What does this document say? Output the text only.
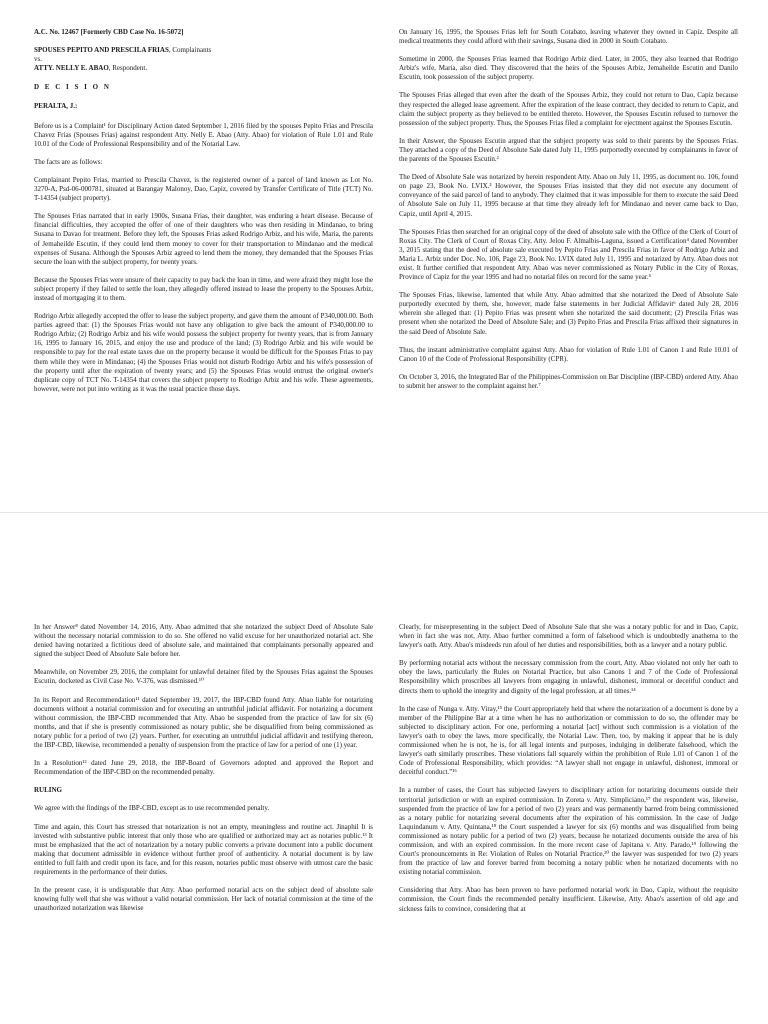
A.C. No. 12467 [Formerly CBD Case No. 16-5072]
SPOUSES PEPITO AND PRESCILA FRIAS, Complainants
vs.
ATTY. NELLY E. ABAO, Respondent.
D E C I S I O N
PERALTA, J.:

Before us is a Complaint¹ for Disciplinary Action dated September 1, 2016 filed by the spouses Pepito Frias and Prescila Chavez Frias (Spouses Frias) against respondent Atty. Nelly E. Abao (Atty. Abao) for violation of Rule 1.01 and Rule 10.01 of the Code of Professional Responsibility and of the Notarial Law.

The facts are as follows:

Complainant Pepito Frias, married to Prescila Chavez, is the registered owner of a parcel of land known as Lot No. 3270-A, Psd-06-000781, situated at Barangay Malonoy, Dao, Capiz, covered by Transfer Certificate of Title (TCT) No. T-14354 (subject property).

The Spouses Frias narrated that in early 1900s, Susana Frias, their daughter, was enduring a heart disease. Because of financial difficulties, they accepted the offer of one of their daughters who was then residing in Mindanao, to bring Susana to Davao for treatment. Before they left, the Spouses Frias asked Rodrigo Arbiz, and his wife, Maria, the parents of Jemaheilde Escutin, if they could lend them money to cover for their transportation to Mindanao and the medical expenses of Susana. Although the Spouses Arbiz agreed to lend them the money, they demanded that the Spouses Frias secure the loan with the subject property, for twenty years.

Because the Spouses Frias were unsure of their capacity to pay back the loan in time, and were afraid they might lose the subject property if they failed to settle the loan, they allegedly offered instead to lease the property to the Spouses Arbiz, instead of mortgaging it to them.

Rodrigo Arbiz allegedly accepted the offer to lease the subject property, and gave them the amount of P340,000.00. Both parties agreed that: (1) the Spouses Frias would not have any obligation to give back the amount of P340,000.00 to Rodrigo Arbiz; (2) Rodrigo Arbiz and his wife would possess the subject property for twenty years, that is from January 16, 1995 to January 16, 2015, and enjoy the use and produce of the land; (3) Rodrigo Arbiz and his wife would be responsible to pay for the real estate taxes due on the property because it would be difficult for the Spouses Frias to pay them while they were in Mindanao; (4) the Spouses Frias would not disturb Rodrigo Arbiz and his wife's possession of the property until after the expiration of twenty years; and (5) the Spouses Frias would entrust the original owner's duplicate copy of TCT No. T-14354 that covers the subject property to Rodrigo Arbiz and his wife. These agreements, however, were not put into writing as it was the usual practice those days.

On January 16, 1995, the Spouses Frias left for South Cotabato, leaving whatever they owned in Capiz. Despite all medical treatments they could afford with their savings, Susana died in 2000 in South Cotabato.

Sometime in 2000, the Spouses Frias learned that Rodrigo Arbiz died. Later, in 2005, they also learned that Rodrigo Arbiz's wife, Maria, also died. They discovered that the heirs of the Spouses Arbiz, Jemaheilde Escutin and Danilo Escutin, took possession of the subject property.

The Spouses Frias alleged that even after the death of the Spouses Arbiz, they could not return to Dao, Capiz because they respected the alleged lease agreement. After the expiration of the lease contract, they decided to return to Capiz, and claim the subject property as they believed to be entitled thereto. However, the Spouses Escutin refused to turnover the possession of the subject property. Thus, the Spouses Frias filed a complaint for ejectment against the Spouses Escutin.

In their Answer, the Spouses Escutin argued that the subject property was sold to their parents by the Spouses Frias. They attached a copy of the Deed of Absolute Sale dated July 11, 1995 purportedly executed by complainants in favor of the parents of the Spouses Escutin.²

The Deed of Absolute Sale was notarized by herein respondent Atty. Abao on July 11, 1995, as document no. 106, found on page 23, Book No. LVIX.³ However, the Spouses Frias insisted that they did not execute any document of conveyance of the said parcel of land to anybody. They claimed that it was impossible for them to execute the said Deed of Absolute Sale on July 11, 1995 because at that time they already left for Mindanao and never came back to Dao, Capiz, until April 4, 2015.

The Spouses Frias then searched for an original copy of the deed of absolute sale with the Office of the Clerk of Court of Roxas City. The Clerk of Court of Roxas City, Atty. Jelou F. Almalbis-Laguna, issued a Certification⁴ dated November 3, 2015 stating that the deed of absolute sale executed by Pepito Frias and Prescila Frias in favor of Rodrigo Arbiz and Maria L. Arbiz under Doc. No. 106, Page 23, Book No. LVIX dated July 11, 1995 and notarized by Atty. Abao does not exist. It further certified that respondent Atty. Abao was never commissioned as Notary Public in the City of Roxas, Province of Capiz for the year 1995 and had no notarial files on record for the same year.⁵

The Spouses Frias, likewise, lamented that while Atty. Abao admitted that she notarized the Deed of Absolute Sale purportedly executed by them, she, however, made false statements in her Judicial Affidavit⁶ dated July 28, 2016 wherein she alleged that: (1) Pepito Frias was present when she notarized the said document; (2) Prescila Frias was present when she notarized the Deed of Absolute Sale; and (3) Pepito Frias and Prescila Frias affixed their signatures in the said Deed of Absolute Sale.

Thus, the instant administrative complaint against Atty. Abao for violation of Rule 1.01 of Canon 1 and Rule 10.01 of Canon 10 of the Code of Professional Responsibility (CPR).

On October 3, 2016, the Integrated Bar of the Philippines-Commission on Bar Discipline (IBP-CBD) ordered Atty. Abao to submit her answer to the complaint against her.⁷

In her Answer⁸ dated November 14, 2016, Atty. Abao admitted that she notarized the subject Deed of Absolute Sale without the necessary notarial commission to do so. She offered no valid excuse for her unauthorized notarial act. She denied having notarized a fictitious deed of absolute sale, and maintained that complainants personally appeared and signed the subject Deed of Absolute Sale before her.

Meanwhile, on November 29, 2016, the complaint for unlawful detainer filed by the Spouses Frias against the Spouses Escutin, docketed as Civil Case No. V-376, was dismissed.¹⁰

In its Report and Recommendation¹¹ dated September 19, 2017, the IBP-CBD found Atty. Abao liable for notarizing documents without a notarial commission and for executing an untruthful judicial affidavit. For notarizing a document without commission, the IBP-CBD recommended that Atty. Abao be suspended from the practice of law for six (6) months, and that if she is presently commissioned as notary public, she be disqualified from being commissioned as notary public for a period of two (2) years. Further, for executing an untruthful judicial affidavit and testifying thereon, the IBP-CBD, likewise, recommended a penalty of suspension from the practice of law for a period of one (1) year.

In a Resolution¹² dated June 29, 2018, the IBP-Board of Governors adopted and approved the Report and Recommendation of the IBP-CBD on the recommended penalty.

RULING

We agree with the findings of the IBP-CBD, except as to use recommended penalty.

Time and again, this Court has stressed that notarization is not an empty, meaningless and routine act. Jinaphil It is invested with substantive public interest that only those who are qualified or authorized may act as notaries public.¹³ It must be emphasized that the act of notarization by a notary public converts a private document into a public document making that document admissible in evidence without further proof of authenticity. A notarial document is by law entitled to full faith and credit upon its face, and for this reason, notaries public must observe with utmost care the basic requirements in the performance of their duties.

In the present case, it is undisputable that Atty. Abao performed notarial acts on the subject deed of absolute sale knowing fully well that she was without a valid notarial commission. Her lack of notarial commission at the time of the unauthorized notarization was likewise

Clearly, for misrepresenting in the subject Deed of Absolute Sale that she was a notary public for and in Dao, Capiz, when in fact she was not, Atty. Abao further committed a form of falsehood which is undoubtedly anathema to the lawyer's oath. Atty. Abao's misdeeds run afoul of her duties and responsibilities, both as a lawyer and a notary public.

By performing notarial acts without the necessary commission from the court, Atty. Abao violated not only her oath to obey the laws, particularly the Rules on Notarial Practice, but also Canons 1 and 7 of the Code of Professional Responsibility which proscribes all lawyers from engaging in unlawful, dishonest, immoral or deceitful conduct and directs them to uphold the integrity and dignity of the legal profession, at all times.¹⁴

In the case of Nunga v. Atty. Viray,¹⁵ the Court appropriately held that where the notarization of a document is done by a member of the Philippine Bar at a time when he has no authorization or commission to do so, the offender may be subjected to disciplinary action. For one, performing a notarial [act] without such commission is a violation of the lawyer's oath to obey the laws, more specifically, the Notarial Law. Then, too, by making it appear that he is duly commissioned when he is not, he is, for all legal intents and purposes, indulging in deliberate falsehood, which the lawyer's oath similarly proscribes. These violations fall squarely within the prohibition of Rule 1.01 of Canon 1 of the Code of Professional Responsibility, which provides: “A lawyer shall not engage in unlawful, dishonest, immoral or deceitful conduct.”¹⁶

In a number of cases, the Court has subjected lawyers to disciplinary action for notarizing documents outside their territorial jurisdiction or with an expired commission. In Zoreta v. Atty. Simpliciano,¹⁷ the respondent was, likewise, suspended from the practice of law for a period of two (2) years and was permanently barred from being commissioned as a notary public for notarizing several documents after the expiration of his commission. In the case of Judge Laquindanum v. Atty. Quintana,¹⁸ the Court suspended a lawyer for six (6) months and was disqualified from being commissioned as notary public for a period of two (2) years, because he notarized documents outside the area of his commission, and with an expired commission. In the more recent case of Japitana v. Atty. Parado,¹⁹ following the Court's pronouncements in Re: Violation of Rules on Notarial Practice,²⁰ the lawyer was suspended for two (2) years from the practice of law and forever barred from becoming a notary public when he notarized documents with no existing notarial commission.

Considering that Atty. Abao has been proven to have performed notarial work in Dao, Capiz, without the requisite commission, the Court finds the recommended penalty insufficient. Likewise, Atty. Abao's assertion of old age and sickness fails to convince, considering that at
